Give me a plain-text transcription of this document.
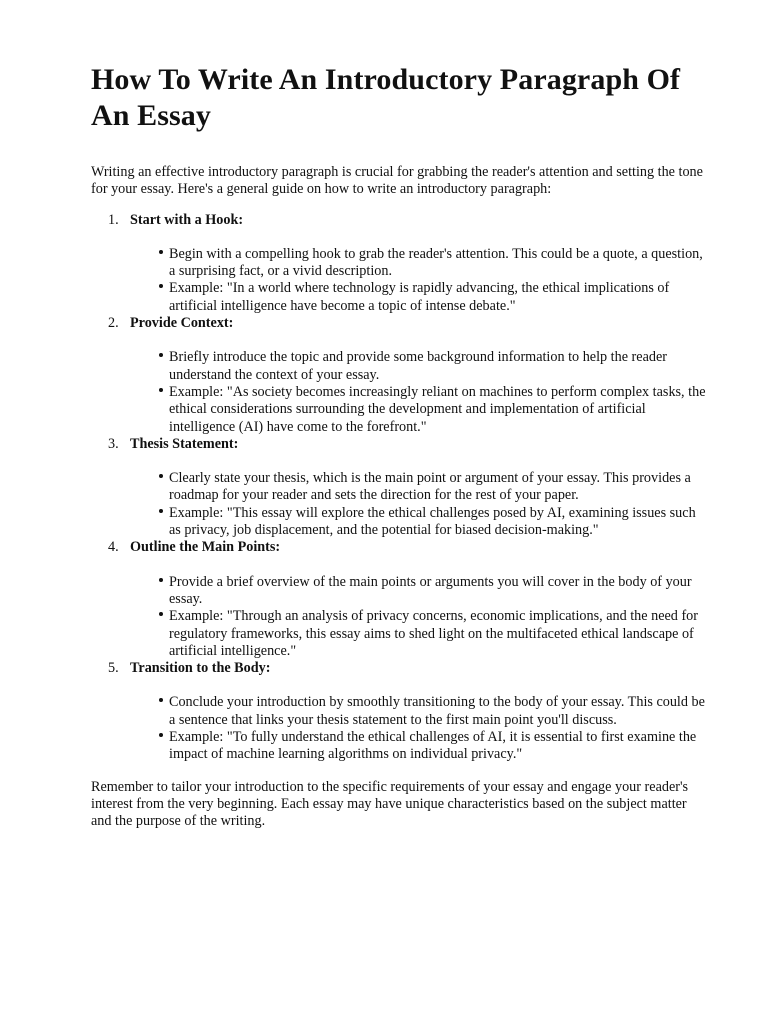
How To Write An Introductory Paragraph Of An Essay

Writing an effective introductory paragraph is crucial for grabbing the reader's attention and setting the tone for your essay. Here's a general guide on how to write an introductory paragraph:

1. Start with a Hook:
Begin with a compelling hook to grab the reader's attention. This could be a quote, a question, a surprising fact, or a vivid description.
Example: "In a world where technology is rapidly advancing, the ethical implications of artificial intelligence have become a topic of intense debate."
2. Provide Context:
Briefly introduce the topic and provide some background information to help the reader understand the context of your essay.
Example: "As society becomes increasingly reliant on machines to perform complex tasks, the ethical considerations surrounding the development and implementation of artificial intelligence (AI) have come to the forefront."
3. Thesis Statement:
Clearly state your thesis, which is the main point or argument of your essay. This provides a roadmap for your reader and sets the direction for the rest of your paper.
Example: "This essay will explore the ethical challenges posed by AI, examining issues such as privacy, job displacement, and the potential for biased decision-making."
4. Outline the Main Points:
Provide a brief overview of the main points or arguments you will cover in the body of your essay.
Example: "Through an analysis of privacy concerns, economic implications, and the need for regulatory frameworks, this essay aims to shed light on the multifaceted ethical landscape of artificial intelligence."
5. Transition to the Body:
Conclude your introduction by smoothly transitioning to the body of your essay. This could be a sentence that links your thesis statement to the first main point you'll discuss.
Example: "To fully understand the ethical challenges of AI, it is essential to first examine the impact of machine learning algorithms on individual privacy."

Remember to tailor your introduction to the specific requirements of your essay and engage your reader's interest from the very beginning. Each essay may have unique characteristics based on the subject matter and the purpose of the writing.
